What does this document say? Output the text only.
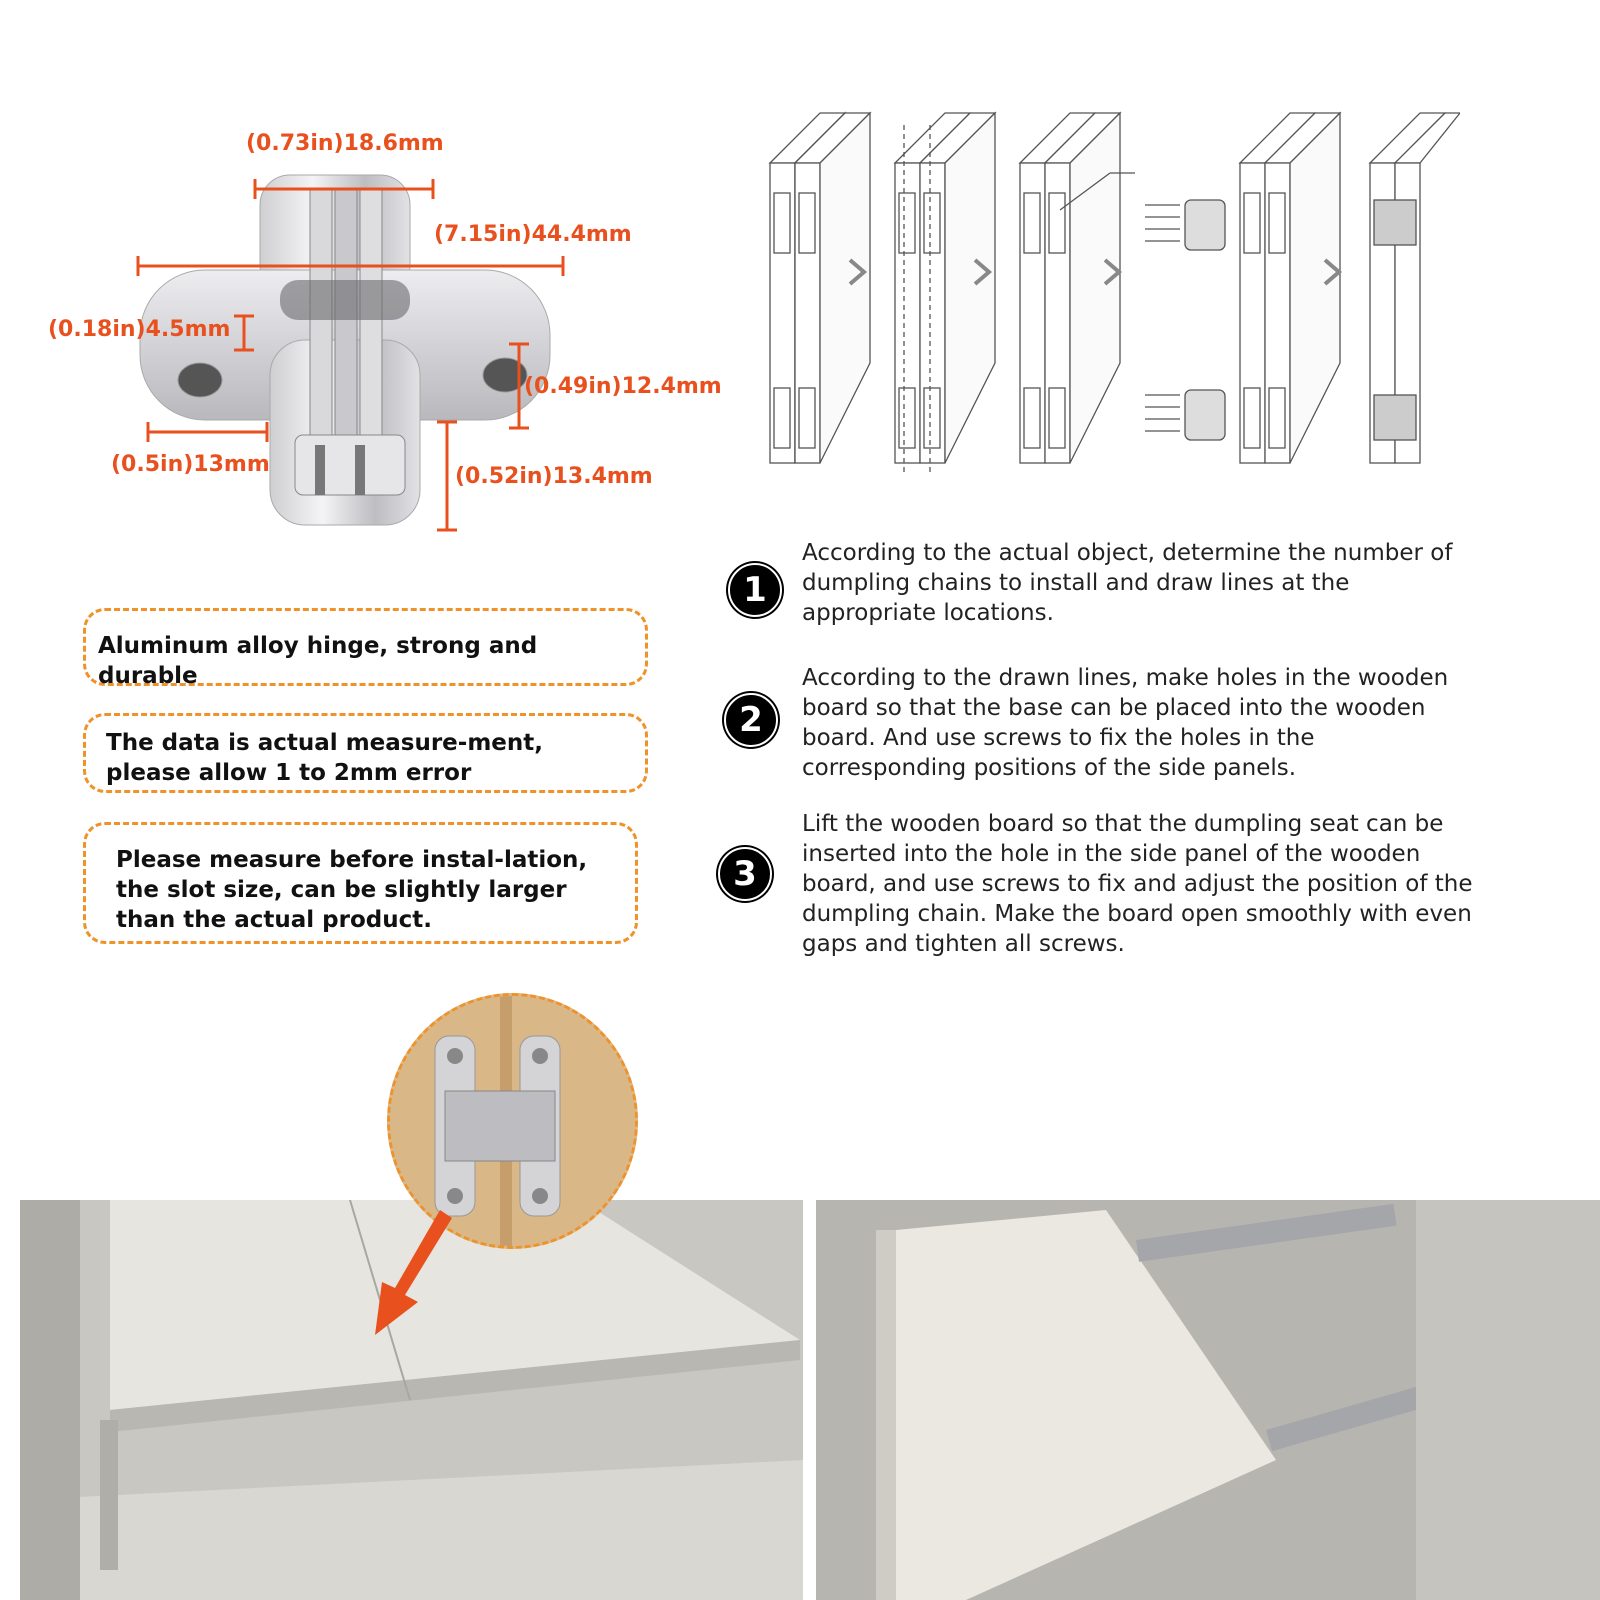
(0.73in)18.6mm
(7.15in)44.4mm
(0.18in)4.5mm
(0.49in)12.4mm
(0.5in)13mm	(0.52in)13.4mm
Aluminum alloy hinge, strong and durable
The data is actual measure-ment, please allow 1 to 2mm error
Please measure before instal-lation, the slot size, can be slightly larger than the actual product.
1
According to the actual object, determine the number of dumpling chains to install and draw lines at the appropriate locations.
2
According to the drawn lines, make holes in the wooden board so that the base can be placed into the wooden board. And use screws to fix the holes in the corresponding positions of the side panels.
3
Lift the wooden board so that the dumpling seat can be inserted into the hole in the side panel of the wooden board, and use screws to fix and adjust the position of the dumpling chain. Make the board open smoothly with even gaps and tighten all screws.
